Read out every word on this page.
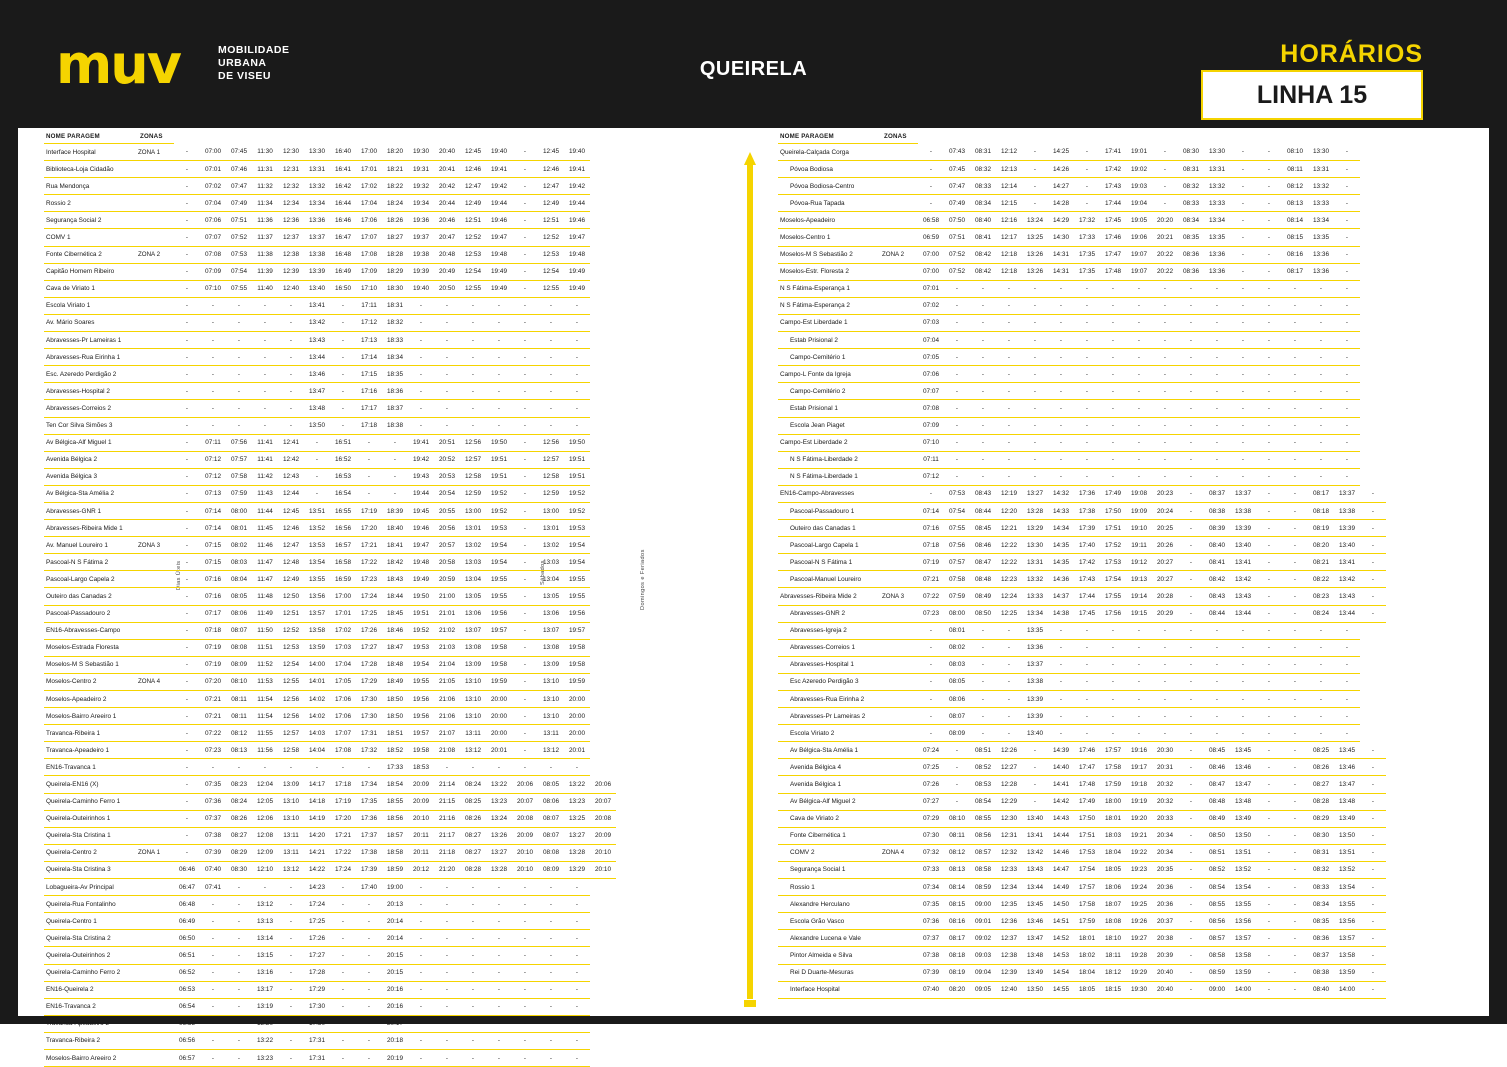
muv	MOBILIDADE
URBANA
DE VISEU	QUEIRELA
HORÁRIOS
LINHA 15
Dias Úteis	Sábados	Domingos e Feriados
NOME PARAGEM	ZONAS																	
Interface Hospital	ZONA 1	-	07:00	07:45	11:30	12:30	13:30	16:40	17:00	18:20	19:30	20:40	12:45	19:40	-	12:45	19:40	
Biblioteca-Loja Cidadão		-	07:01	07:46	11:31	12:31	13:31	16:41	17:01	18:21	19:31	20:41	12:46	19:41	-	12:46	19:41	
Rua Mendonça		-	07:02	07:47	11:32	12:32	13:32	16:42	17:02	18:22	19:32	20:42	12:47	19:42	-	12:47	19:42	
Rossio 2		-	07:04	07:49	11:34	12:34	13:34	16:44	17:04	18:24	19:34	20:44	12:49	19:44	-	12:49	19:44	
Segurança Social 2		-	07:06	07:51	11:36	12:36	13:36	16:46	17:06	18:26	19:36	20:46	12:51	19:46	-	12:51	19:46	
COMV 1		-	07:07	07:52	11:37	12:37	13:37	16:47	17:07	18:27	19:37	20:47	12:52	19:47	-	12:52	19:47	
Fonte Cibernética 2	ZONA 2	-	07:08	07:53	11:38	12:38	13:38	16:48	17:08	18:28	19:38	20:48	12:53	19:48	-	12:53	19:48	
Capitão Homem Ribeiro		-	07:09	07:54	11:39	12:39	13:39	16:49	17:09	18:29	19:39	20:49	12:54	19:49	-	12:54	19:49	
Cava de Viriato 1		-	07:10	07:55	11:40	12:40	13:40	16:50	17:10	18:30	19:40	20:50	12:55	19:49	-	12:55	19:49	
Escola Viriato 1		-	-	-	-	-	13:41	-	17:11	18:31	-	-	-	-	-	-	-	
Av. Mário Soares		-	-	-	-	-	13:42	-	17:12	18:32	-	-	-	-	-	-	-	
Abravesses-Pr Lameiras 1		-	-	-	-	-	13:43	-	17:13	18:33	-	-	-	-	-	-	-	
Abravesses-Rua Eirinha 1		-	-	-	-	-	13:44	-	17:14	18:34	-	-	-	-	-	-	-	
Esc. Azeredo Perdigão 2		-	-	-	-	-	13:46	-	17:15	18:35	-	-	-	-	-	-	-	
Abravesses-Hospital 2		-	-	-	-	-	13:47	-	17:16	18:36	-	-	-	-	-	-	-	
Abravesses-Correios 2		-	-	-	-	-	13:48	-	17:17	18:37	-	-	-	-	-	-	-	
Ten Cor Silva Simões 3		-	-	-	-	-	13:50	-	17:18	18:38	-	-	-	-	-	-	-	
Av Bélgica-Alf Miguel 1		-	07:11	07:56	11:41	12:41	-	16:51	-	-	19:41	20:51	12:56	19:50	-	12:56	19:50	
Avenida Bélgica 2		-	07:12	07:57	11:41	12:42	-	16:52	-	-	19:42	20:52	12:57	19:51	-	12:57	19:51	
Avenida Bélgica 3		-	07:12	07:58	11:42	12:43	-	16:53	-	-	19:43	20:53	12:58	19:51	-	12:58	19:51	
Av Bélgica-Sta Amélia 2		-	07:13	07:59	11:43	12:44	-	16:54	-	-	19:44	20:54	12:59	19:52	-	12:59	19:52	
Abravesses-GNR 1		-	07:14	08:00	11:44	12:45	13:51	16:55	17:19	18:39	19:45	20:55	13:00	19:52	-	13:00	19:52	
Abravesses-Ribeira Mide 1		-	07:14	08:01	11:45	12:46	13:52	16:56	17:20	18:40	19:46	20:56	13:01	19:53	-	13:01	19:53	
Av. Manuel Loureiro 1	ZONA 3	-	07:15	08:02	11:46	12:47	13:53	16:57	17:21	18:41	19:47	20:57	13:02	19:54	-	13:02	19:54	
Pascoal-N S Fátima 2		-	07:15	08:03	11:47	12:48	13:54	16:58	17:22	18:42	19:48	20:58	13:03	19:54	-	13:03	19:54	
Pascoal-Largo Capela 2		-	07:16	08:04	11:47	12:49	13:55	16:59	17:23	18:43	19:49	20:59	13:04	19:55	-	13:04	19:55	
Outeiro das Canadas 2		-	07:16	08:05	11:48	12:50	13:56	17:00	17:24	18:44	19:50	21:00	13:05	19:55	-	13:05	19:55	
Pascoal-Passadouro 2		-	07:17	08:06	11:49	12:51	13:57	17:01	17:25	18:45	19:51	21:01	13:06	19:56	-	13:06	19:56	
EN16-Abravesses-Campo		-	07:18	08:07	11:50	12:52	13:58	17:02	17:26	18:46	19:52	21:02	13:07	19:57	-	13:07	19:57	
Moselos-Estrada Floresta		-	07:19	08:08	11:51	12:53	13:59	17:03	17:27	18:47	19:53	21:03	13:08	19:58	-	13:08	19:58	
Moselos-M S Sebastião 1		-	07:19	08:09	11:52	12:54	14:00	17:04	17:28	18:48	19:54	21:04	13:09	19:58	-	13:09	19:58	
Moselos-Centro 2	ZONA 4	-	07:20	08:10	11:53	12:55	14:01	17:05	17:29	18:49	19:55	21:05	13:10	19:59	-	13:10	19:59	
Moselos-Apeadeiro 2		-	07:21	08:11	11:54	12:56	14:02	17:06	17:30	18:50	19:56	21:06	13:10	20:00	-	13:10	20:00	
Moselos-Bairro Areeiro 1		-	07:21	08:11	11:54	12:56	14:02	17:06	17:30	18:50	19:56	21:06	13:10	20:00	-	13:10	20:00	
Travanca-Ribeira 1		-	07:22	08:12	11:55	12:57	14:03	17:07	17:31	18:51	19:57	21:07	13:11	20:00	-	13:11	20:00	
Travanca-Apeadeiro 1		-	07:23	08:13	11:56	12:58	14:04	17:08	17:32	18:52	19:58	21:08	13:12	20:01	-	13:12	20:01	
EN16-Travanca 1		-	-	-	-	-	-	-	-	17:33	18:53	-	-	-	-	-	-	
Queirela-EN16 (X)		-	07:35	08:23	12:04	13:09	14:17	17:18	17:34	18:54	20:09	21:14	08:24	13:22	20:06	08:05	13:22	20:06
Queirela-Caminho Ferro 1		-	07:36	08:24	12:05	13:10	14:18	17:19	17:35	18:55	20:09	21:15	08:25	13:23	20:07	08:06	13:23	20:07
Queirela-Outeirinhos 1		-	07:37	08:26	12:06	13:10	14:19	17:20	17:36	18:56	20:10	21:16	08:26	13:24	20:08	08:07	13:25	20:08
Queirela-Sta Cristina 1		-	07:38	08:27	12:08	13:11	14:20	17:21	17:37	18:57	20:11	21:17	08:27	13:26	20:09	08:07	13:27	20:09
Queirela-Centro 2	ZONA 1	-	07:39	08:29	12:09	13:11	14:21	17:22	17:38	18:58	20:11	21:18	08:27	13:27	20:10	08:08	13:28	20:10
Queirela-Sta Cristina 3		06:46	07:40	08:30	12:10	13:12	14:22	17:24	17:39	18:59	20:12	21:20	08:28	13:28	20:10	08:09	13:29	20:10
Lobagueira-Av Principal		06:47	07:41	-	-	-	14:23	-	17:40	19:00	-	-	-	-	-	-	-	
Queirela-Rua Fontalinho		06:48	-	-	13:12	-	17:24	-	-	20:13	-	-	-	-	-	-	-	
Queirela-Centro 1		06:49	-	-	13:13	-	17:25	-	-	20:14	-	-	-	-	-	-	-	
Queirela-Sta Cristina 2		06:50	-	-	13:14	-	17:26	-	-	20:14	-	-	-	-	-	-	-	
Queirela-Outeirinhos 2		06:51	-	-	13:15	-	17:27	-	-	20:15	-	-	-	-	-	-	-	
Queirela-Caminho Ferro 2		06:52	-	-	13:16	-	17:28	-	-	20:15	-	-	-	-	-	-	-	
EN16-Queirela 2		06:53	-	-	13:17	-	17:29	-	-	20:16	-	-	-	-	-	-	-	
EN16-Travanca 2		06:54	-	-	13:19	-	17:30	-	-	20:16	-	-	-	-	-	-	-	
Travanca-Apeadeiro 2		06:55	-	-	13:20	-	17:30	-	-	20:17	-	-	-	-	-	-	-	
Travanca-Ribeira 2		06:56	-	-	13:22	-	17:31	-	-	20:18	-	-	-	-	-	-	-	
Moselos-Bairro Areeiro 2		06:57	-	-	13:23	-	17:31	-	-	20:19	-	-	-	-	-	-	-	
NOME PARAGEM	ZONAS																		
Queirela-Calçada Corga		-	07:43	08:31	12:12	-	14:25	-	17:41	19:01	-	08:30	13:30	-	-	08:10	13:30	-	
Póvoa Bodiosa		-	07:45	08:32	12:13	-	14:26	-	17:42	19:02	-	08:31	13:31	-	-	08:11	13:31	-	
Póvoa Bodiosa-Centro		-	07:47	08:33	12:14	-	14:27	-	17:43	19:03	-	08:32	13:32	-	-	08:12	13:32	-	
Póvoa-Rua Tapada		-	07:49	08:34	12:15	-	14:28	-	17:44	19:04	-	08:33	13:33	-	-	08:13	13:33	-	
Moselos-Apeadeiro		06:58	07:50	08:40	12:16	13:24	14:29	17:32	17:45	19:05	20:20	08:34	13:34	-	-	08:14	13:34	-	
Moselos-Centro 1		06:59	07:51	08:41	12:17	13:25	14:30	17:33	17:46	19:06	20:21	08:35	13:35	-	-	08:15	13:35	-	
Moselos-M S Sebastião 2	ZONA 2	07:00	07:52	08:42	12:18	13:26	14:31	17:35	17:47	19:07	20:22	08:36	13:36	-	-	08:16	13:36	-	
Moselos-Estr. Floresta 2		07:00	07:52	08:42	12:18	13:26	14:31	17:35	17:48	19:07	20:22	08:36	13:36	-	-	08:17	13:36	-	
N S Fátima-Esperança 1		07:01	-	-	-	-	-	-	-	-	-	-	-	-	-	-	-	-	
N S Fátima-Esperança 2		07:02	-	-	-	-	-	-	-	-	-	-	-	-	-	-	-	-	
Campo-Est Liberdade 1		07:03	-	-	-	-	-	-	-	-	-	-	-	-	-	-	-	-	
Estab Prisional 2		07:04	-	-	-	-	-	-	-	-	-	-	-	-	-	-	-	-	
Campo-Cemitério 1		07:05	-	-	-	-	-	-	-	-	-	-	-	-	-	-	-	-	
Campo-L Fonte da Igreja		07:06	-	-	-	-	-	-	-	-	-	-	-	-	-	-	-	-	
Campo-Cemitério 2		07:07	-	-	-	-	-	-	-	-	-	-	-	-	-	-	-	-	
Estab Prisional 1		07:08	-	-	-	-	-	-	-	-	-	-	-	-	-	-	-	-	
Escola Jean Piaget		07:09	-	-	-	-	-	-	-	-	-	-	-	-	-	-	-	-	
Campo-Est Liberdade 2		07:10	-	-	-	-	-	-	-	-	-	-	-	-	-	-	-	-	
N S Fátima-Liberdade 2		07:11	-	-	-	-	-	-	-	-	-	-	-	-	-	-	-	-	
N S Fátima-Liberdade 1		07:12	-	-	-	-	-	-	-	-	-	-	-	-	-	-	-	-	
EN16-Campo-Abravesses		-	07:53	08:43	12:19	13:27	14:32	17:36	17:49	19:08	20:23	-	08:37	13:37	-	-	08:17	13:37	-
Pascoal-Passadouro 1		07:14	07:54	08:44	12:20	13:28	14:33	17:38	17:50	19:09	20:24	-	08:38	13:38	-	-	08:18	13:38	-
Outeiro das Canadas 1		07:16	07:55	08:45	12:21	13:29	14:34	17:39	17:51	19:10	20:25	-	08:39	13:39	-	-	08:19	13:39	-
Pascoal-Largo Capela 1		07:18	07:56	08:46	12:22	13:30	14:35	17:40	17:52	19:11	20:26	-	08:40	13:40	-	-	08:20	13:40	-
Pascoal-N S Fátima 1		07:19	07:57	08:47	12:22	13:31	14:35	17:42	17:53	19:12	20:27	-	08:41	13:41	-	-	08:21	13:41	-
Pascoal-Manuel Loureiro		07:21	07:58	08:48	12:23	13:32	14:36	17:43	17:54	19:13	20:27	-	08:42	13:42	-	-	08:22	13:42	-
Abravesses-Ribeira Mide 2	ZONA 3	07:22	07:59	08:49	12:24	13:33	14:37	17:44	17:55	19:14	20:28	-	08:43	13:43	-	-	08:23	13:43	-
Abravesses-GNR 2		07:23	08:00	08:50	12:25	13:34	14:38	17:45	17:56	19:15	20:29	-	08:44	13:44	-	-	08:24	13:44	-
Abravesses-Igreja 2		-	08:01	-	-	13:35	-	-	-	-	-	-	-	-	-	-	-	-	
Abravesses-Correios 1		-	08:02	-	-	13:36	-	-	-	-	-	-	-	-	-	-	-	-	
Abravesses-Hospital 1		-	08:03	-	-	13:37	-	-	-	-	-	-	-	-	-	-	-	-	
Esc Azeredo Perdigão 3		-	08:05	-	-	13:38	-	-	-	-	-	-	-	-	-	-	-	-	
Abravesses-Rua Eirinha 2		-	08:06	-	-	13:39	-	-	-	-	-	-	-	-	-	-	-	-	
Abravesses-Pr Lameiras 2		-	08:07	-	-	13:39	-	-	-	-	-	-	-	-	-	-	-	-	
Escola Viriato 2		-	08:09	-	-	13:40	-	-	-	-	-	-	-	-	-	-	-	-	
Av Bélgica-Sta Amélia 1		07:24	-	08:51	12:26	-	14:39	17:46	17:57	19:16	20:30	-	08:45	13:45	-	-	08:25	13:45	-
Avenida Bélgica 4		07:25	-	08:52	12:27	-	14:40	17:47	17:58	19:17	20:31	-	08:46	13:46	-	-	08:26	13:46	-
Avenida Bélgica 1		07:26	-	08:53	12:28	-	14:41	17:48	17:59	19:18	20:32	-	08:47	13:47	-	-	08:27	13:47	-
Av Bélgica-Alf Miguel 2		07:27	-	08:54	12:29	-	14:42	17:49	18:00	19:19	20:32	-	08:48	13:48	-	-	08:28	13:48	-
Cava de Viriato 2		07:29	08:10	08:55	12:30	13:40	14:43	17:50	18:01	19:20	20:33	-	08:49	13:49	-	-	08:29	13:49	-
Fonte Cibernética 1		07:30	08:11	08:56	12:31	13:41	14:44	17:51	18:03	19:21	20:34	-	08:50	13:50	-	-	08:30	13:50	-
COMV 2	ZONA 4	07:32	08:12	08:57	12:32	13:42	14:46	17:53	18:04	19:22	20:34	-	08:51	13:51	-	-	08:31	13:51	-
Segurança Social 1		07:33	08:13	08:58	12:33	13:43	14:47	17:54	18:05	19:23	20:35	-	08:52	13:52	-	-	08:32	13:52	-
Rossio 1		07:34	08:14	08:59	12:34	13:44	14:49	17:57	18:06	19:24	20:36	-	08:54	13:54	-	-	08:33	13:54	-
Alexandre Herculano		07:35	08:15	09:00	12:35	13:45	14:50	17:58	18:07	19:25	20:36	-	08:55	13:55	-	-	08:34	13:55	-
Escola Grão Vasco		07:36	08:16	09:01	12:36	13:46	14:51	17:59	18:08	19:26	20:37	-	08:56	13:56	-	-	08:35	13:56	-
Alexandre Lucena e Vale		07:37	08:17	09:02	12:37	13:47	14:52	18:01	18:10	19:27	20:38	-	08:57	13:57	-	-	08:36	13:57	-
Pintor Almeida e Silva		07:38	08:18	09:03	12:38	13:48	14:53	18:02	18:11	19:28	20:39	-	08:58	13:58	-	-	08:37	13:58	-
Rei D Duarte-Mesuras		07:39	08:19	09:04	12:39	13:49	14:54	18:04	18:12	19:29	20:40	-	08:59	13:59	-	-	08:38	13:59	-
Interface Hospital		07:40	08:20	09:05	12:40	13:50	14:55	18:05	18:15	19:30	20:40	-	09:00	14:00	-	-	08:40	14:00	-
